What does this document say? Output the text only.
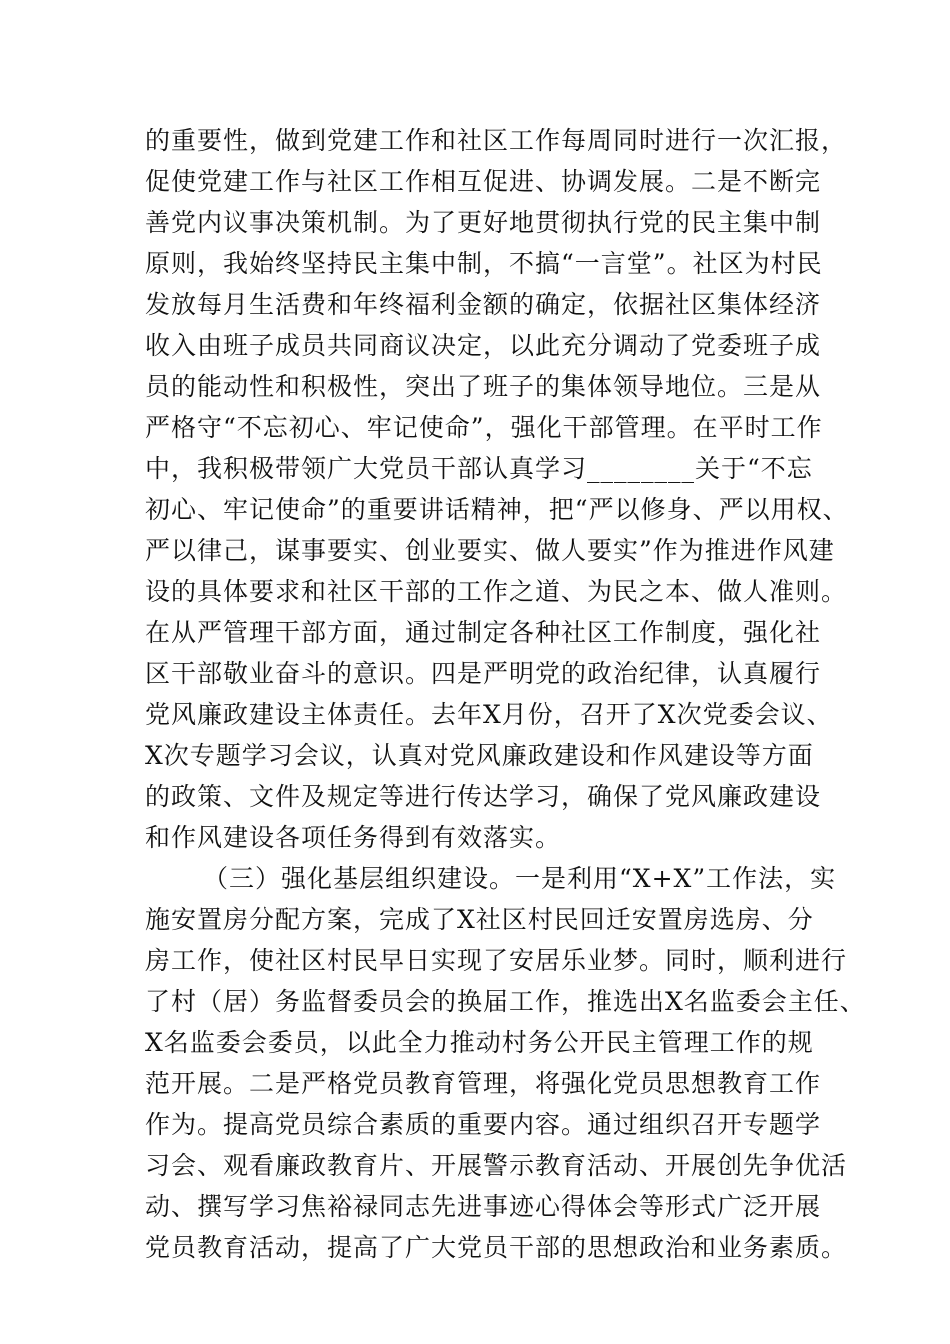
的重要性，做到党建工作和社区工作每周同时进行一次汇报，
促使党建工作与社区工作相互促进、协调发展。二是不断完
善党内议事决策机制。为了更好地贯彻执行党的民主集中制
原则，我始终坚持民主集中制，不搞“一言堂”。社区为村民
发放每月生活费和年终福利金额的确定，依据社区集体经济
收入由班子成员共同商议决定，以此充分调动了党委班子成
员的能动性和积极性，突出了班子的集体领导地位。三是从
严格守“不忘初心、牢记使命”，强化干部管理。在平时工作
中，我积极带领广大党员干部认真学习________关于“不忘
初心、牢记使命”的重要讲话精神，把“严以修身、严以用权、
严以律己，谋事要实、创业要实、做人要实”作为推进作风建
设的具体要求和社区干部的工作之道、为民之本、做人准则。
在从严管理干部方面，通过制定各种社区工作制度，强化社
区干部敬业奋斗的意识。四是严明党的政治纪律，认真履行
党风廉政建设主体责任。去年X月份，召开了X次党委会议、
X次专题学习会议，认真对党风廉政建设和作风建设等方面
的政策、文件及规定等进行传达学习，确保了党风廉政建设
和作风建设各项任务得到有效落实。
（三）强化基层组织建设。一是利用“X+X”工作法，实
施安置房分配方案，完成了X社区村民回迁安置房选房、分
房工作，使社区村民早日实现了安居乐业梦。同时，顺利进行
了村（居）务监督委员会的换届工作，推选出X名监委会主任、
X名监委会委员，以此全力推动村务公开民主管理工作的规
范开展。二是严格党员教育管理，将强化党员思想教育工作
作为。提高党员综合素质的重要内容。通过组织召开专题学
习会、观看廉政教育片、开展警示教育活动、开展创先争优活
动、撰写学习焦裕禄同志先进事迹心得体会等形式广泛开展
党员教育活动，提高了广大党员干部的思想政治和业务素质。
